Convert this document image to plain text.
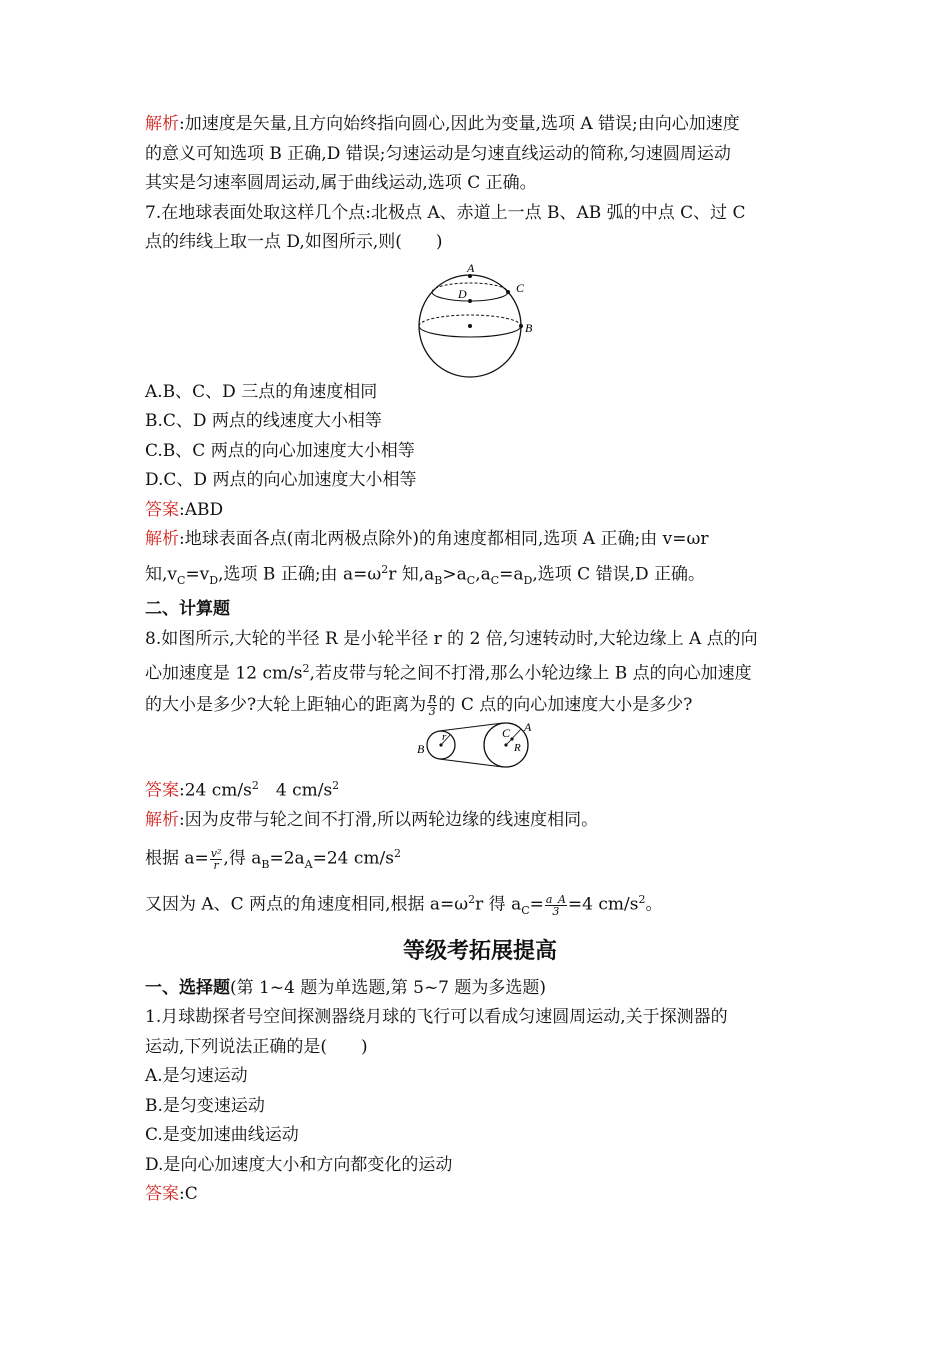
解析:加速度是矢量,且方向始终指向圆心,因此为变量,选项 A 错误;由向心加速度
的意义可知选项 B 正确,D 错误;匀速运动是匀速直线运动的简称,匀速圆周运动
其实是匀速率圆周运动,属于曲线运动,选项 C 正确。
7.在地球表面处取这样几个点:北极点 A、赤道上一点 B、AB 弧的中点 C、过 C
点的纬线上取一点 D,如图所示,则(　　)
A
D	C
B
A.B、C、D 三点的角速度相同
B.C、D 两点的线速度大小相等
C.B、C 两点的向心加速度大小相等
D.C、D 两点的向心加速度大小相等
答案:ABD
解析:地球表面各点(南北两极点除外)的角速度都相同,选项 A 正确;由 v=ωr
知$,v_C=v_D$,选项 B 正确;由 $a=\omega^2r$ 知$,a_B>a_C,a_C=a_D$,选项 C 错误,D 正确。
二、计算题
8.如图所示,大轮的半径 R 是小轮半径 r 的 2 倍,匀速转动时,大轮边缘上 A 点的向
心加速度是 12 $cm/s^2$,若皮带与轮之间不打滑,那么小轮边缘上 B 点的向心加速度
的大小是多少?大轮上距轴心的距离为 $\frac{R}{3}$ 的 C 点的向心加速度大小是多少?
r
B
C
R
A
答案:24 $cm/s^2$　4 $cm/s^2$
解析:因为皮带与轮之间不打滑,所以两轮边缘的线速度相同。
根据 $a= \frac{\text{v²}}{r}$ ,得 $a_B=2a_A=24$ $cm/s^2$
又因为 A、C 两点的角速度相同,根据 $a=\omega^2r$ 得 $a_C= \frac{a\_A}{3} =4$ $cm/s^2$。
等级考拓展提高
一、选择题(第 1~4 题为单选题,第 5~7 题为多选题)
1.月球勘探者号空间探测器绕月球的飞行可以看成匀速圆周运动,关于探测器的
运动,下列说法正确的是(　　)
A.是匀速运动
B.是匀变速运动
C.是变加速曲线运动
D.是向心加速度大小和方向都变化的运动
答案:C
